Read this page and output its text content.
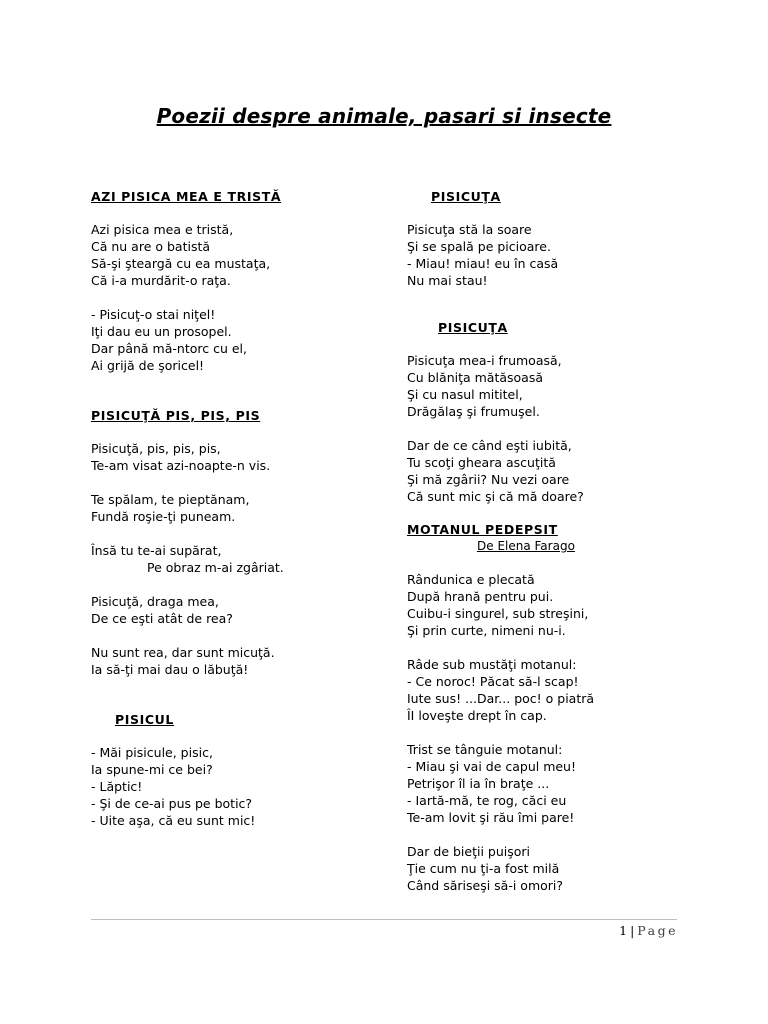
Poezii despre animale, pasari si insecte
AZI PISICA MEA E TRISTĂ
Azi pisica mea e tristă,
Că nu are o batistă
Să-şi şteargă cu ea mustaţa,
Că i-a murdărit-o raţa.
- Pisicuţ-o stai niţel!
Iţi dau eu un prosopel.
Dar până mă-ntorc cu el,
Ai grijă de şoricel!
PISICUŢĂ PIS, PIS, PIS
Pisicuţă, pis, pis, pis,
Te-am visat azi-noapte-n vis.
Te spălam, te pieptănam,
Fundă roşie-ţi puneam.
Însă tu te-ai supărat,
Pe obraz m-ai zgâriat.
Pisicuţă, draga mea,
De ce eşti atât de rea?
Nu sunt rea, dar sunt micuţă.
Ia să-ţi mai dau o lăbuţă!
PISICUL
- Măi pisicule, pisic,
Ia spune-mi ce bei?
- Lăptic!
- Şi de ce-ai pus pe botic?
- Uite aşa, că eu sunt mic!
PISICUŢA
Pisicuţa stă la soare
Şi se spală pe picioare.
- Miau! miau! eu în casă
Nu mai stau!
PISICUŢA
Pisicuţa mea-i frumoasă,
Cu blăniţa mătăsoasă
Şi cu nasul mititel,
Drăgălaş şi frumuşel.
Dar de ce când eşti iubită,
Tu scoţi gheara ascuţită
Şi mă zgârii? Nu vezi oare
Că sunt mic şi că mă doare?
MOTANUL PEDEPSIT
De Elena Farago
Rândunica e plecată
După hrană pentru pui.
Cuibu-i singurel, sub streşini,
Şi prin curte, nimeni nu-i.
Râde sub mustăţi motanul:
- Ce noroc! Păcat să-l scap!
Iute sus! ...Dar... poc! o piatră
ÎI loveşte drept în cap.
Trist se tânguie motanul:
- Miau şi vai de capul meu!
Petrişor îl ia în braţe ...
- Iartă-mă, te rog, căci eu
Te-am lovit şi rău îmi pare!
Dar de bieţii puişori
Ţie cum nu ţi-a fost milă
Când săriseşi să-i omori?
1 | Page
